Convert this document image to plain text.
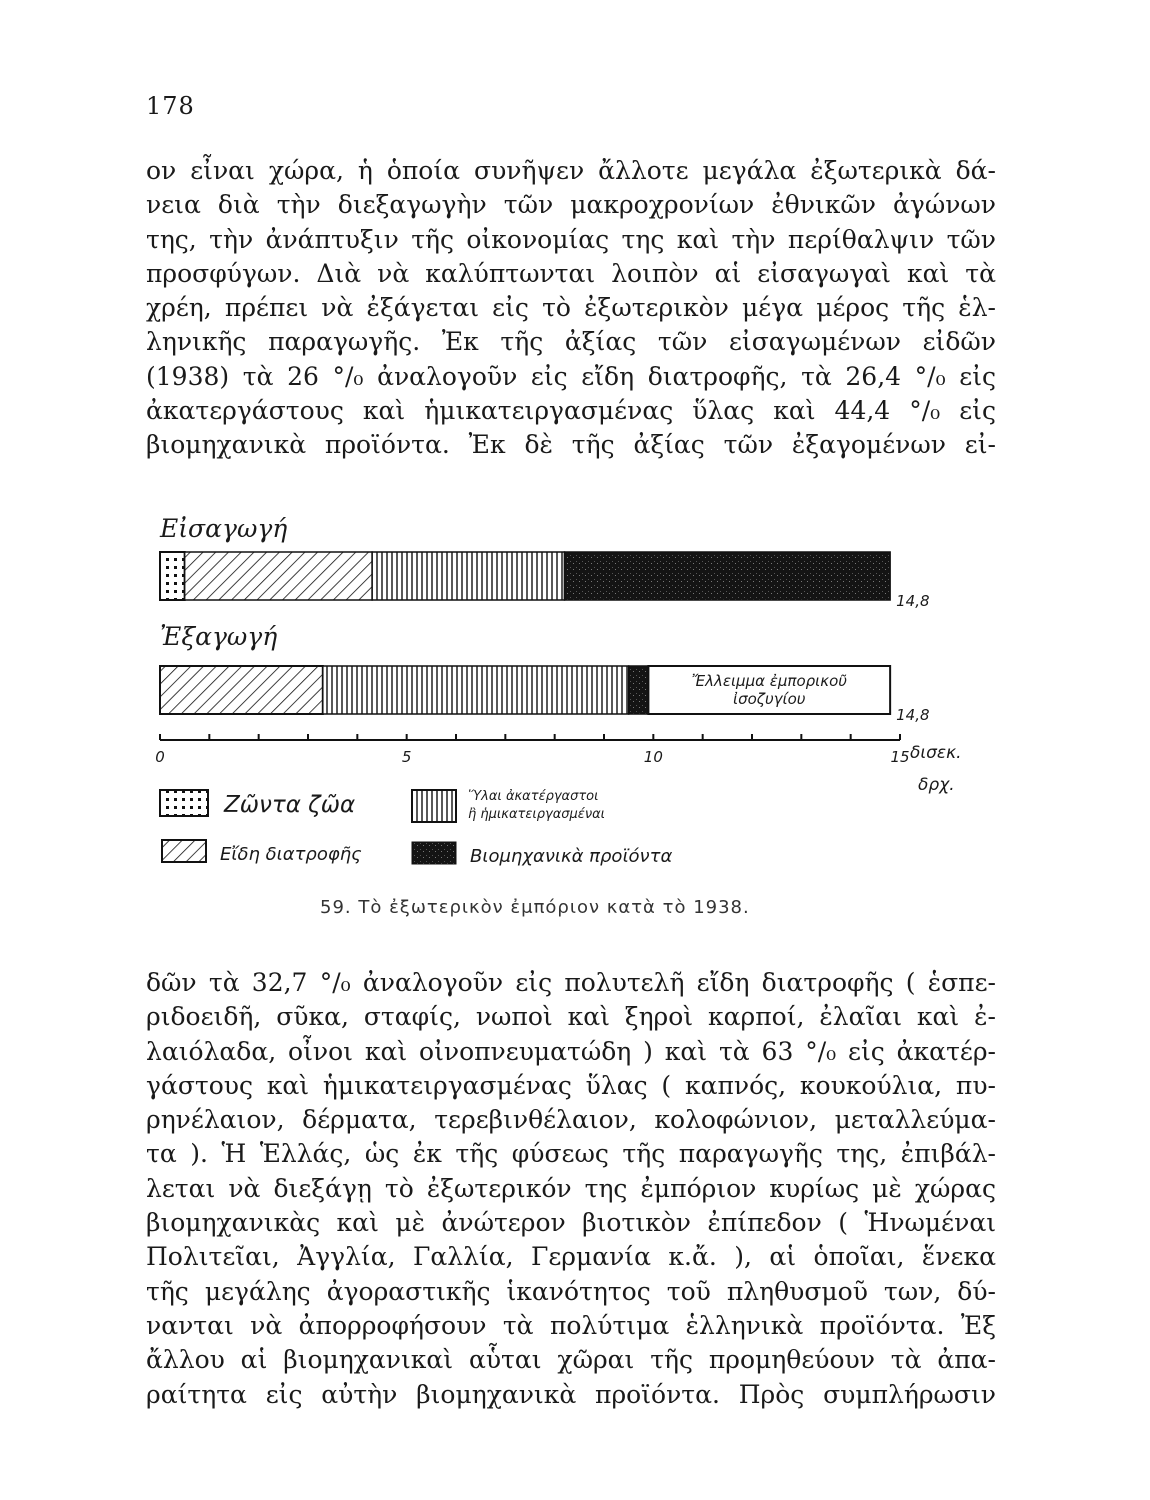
178
ον εἶναι χώρα, ἡ ὁποία συνῆψεν ἄλλοτε μεγάλα ἐξωτερικὰ δά-
νεια διὰ τὴν διεξαγωγὴν τῶν μακροχρονίων ἐθνικῶν ἀγώνων
της, τὴν ἀνάπτυξιν τῆς οἰκονομίας της καὶ τὴν περίθαλψιν τῶν
προσφύγων. Διὰ νὰ καλύπτωνται λοιπὸν αἱ εἰσαγωγαὶ καὶ τὰ
χρέη, πρέπει νὰ ἐξάγεται εἰς τὸ ἐξωτερικὸν μέγα μέρος τῆς ἑλ-
ληνικῆς παραγωγῆς. Ἐκ τῆς ἀξίας τῶν εἰσαγωμένων εἰδῶν
(1938) τὰ 26 °/₀ ἀναλογοῦν εἰς εἴδη διατροφῆς, τὰ 26,4 °/₀ εἰς
ἀκατεργάστους καὶ ἡμικατειργασμένας ὕλας καὶ 44,4 °/₀ εἰς
βιομηχανικὰ προϊόντα. Ἐκ δὲ τῆς ἀξίας τῶν ἐξαγομένων εἰ-
Εἰσαγωγή
Ἐξαγωγή
Ἔλλειμμα ἐμπορικοῦ
ἰσοζυγίου
14,8
14,8
0	5	10	15 δισεκ.
δρχ.
Ζῶντα ζῶα	Ὕλαι ἀκατέργαστοι
ἢ ἡμικατειργασμέναι
Εἴδη διατροφῆς	Βιομηχανικὰ προϊόντα
59. Τὸ ἐξωτερικὸν ἐμπόριον κατὰ τὸ 1938.
δῶν τὰ 32,7 °/₀ ἀναλογοῦν εἰς πολυτελῆ εἴδη διατροφῆς ( ἑσπε-
ριδοειδῆ, σῦκα, σταφίς, νωποὶ καὶ ξηροὶ καρποί, ἐλαῖαι καὶ ἐ-
λαιόλαδα, οἶνοι καὶ οἰνοπνευματώδη ) καὶ τὰ 63 °/₀ εἰς ἀκατέρ-
γάστους καὶ ἡμικατειργασμένας ὕλας ( καπνός, κουκούλια, πυ-
ρηνέλαιον, δέρματα, τερεβινθέλαιον, κολοφώνιον, μεταλλεύμα-
τα ). Ἡ Ἑλλάς, ὡς ἐκ τῆς φύσεως τῆς παραγωγῆς της, ἐπιβάλ-
λεται νὰ διεξάγῃ τὸ ἐξωτερικόν της ἐμπόριον κυρίως μὲ χώρας
βιομηχανικὰς καὶ μὲ ἀνώτερον βιοτικὸν ἐπίπεδον ( Ἡνωμέναι
Πολιτεῖαι, Ἀγγλία, Γαλλία, Γερμανία κ.ἄ. ), αἱ ὁποῖαι, ἕνεκα
τῆς μεγάλης ἀγοραστικῆς ἱκανότητος τοῦ πληθυσμοῦ των, δύ-
νανται νὰ ἀπορροφήσουν τὰ πολύτιμα ἑλληνικὰ προϊόντα. Ἐξ
ἄλλου αἱ βιομηχανικαὶ αὗται χῶραι τῆς προμηθεύουν τὰ ἀπα-
ραίτητα εἰς αὐτὴν βιομηχανικὰ προϊόντα. Πρὸς συμπλήρωσιν
